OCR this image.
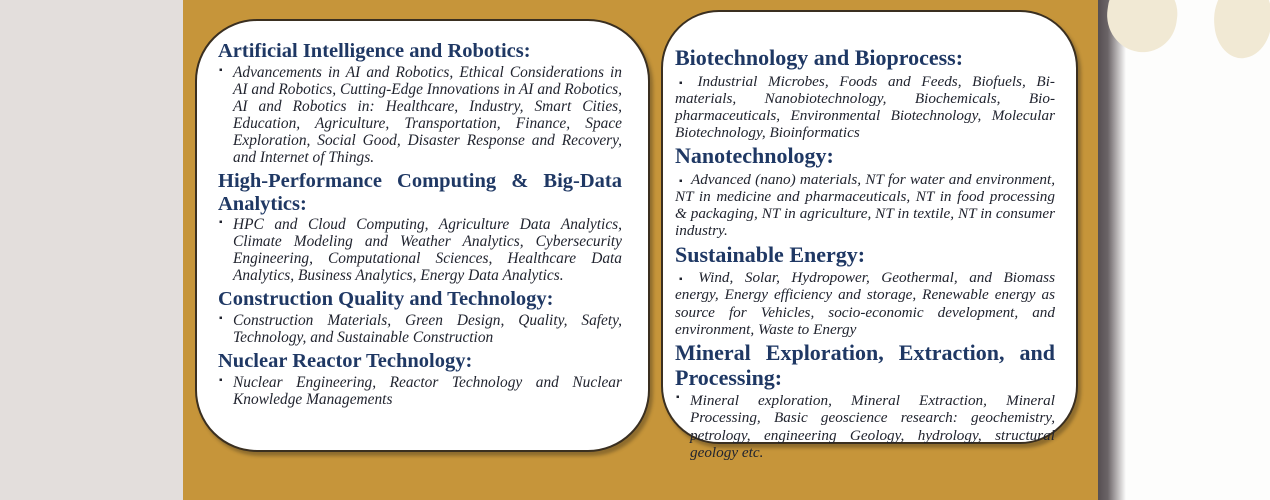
Artificial Intelligence and Robotics:

▪ Advancements in AI and Robotics, Ethical Considerations in AI and Robotics, Cutting-Edge Innovations in AI and Robotics, AI and Robotics in: Healthcare, Industry, Smart Cities, Education, Agriculture, Transportation, Finance, Space Exploration, Social Good, Disaster Response and Recovery, and Internet of Things.

High-Performance Computing & Big-Data Analytics:

▪ HPC and Cloud Computing, Agriculture Data Analytics, Climate Modeling and Weather Analytics, Cybersecurity Engineering, Computational Sciences, Healthcare Data Analytics, Business Analytics, Energy Data Analytics.

Construction Quality and Technology:

▪ Construction Materials, Green Design, Quality, Safety, Technology, and Sustainable Construction

Nuclear Reactor Technology:

▪ Nuclear Engineering, Reactor Technology and Nuclear Knowledge Managements

Biotechnology and Bioprocess:

▪ Industrial Microbes, Foods and Feeds, Biofuels, Bi-materials, Nanobiotechnology, Biochemicals, Bio-pharmaceuticals, Environmental Biotechnology, Molecular Biotechnology, Bioinformatics

Nanotechnology:

▪ Advanced (nano) materials, NT for water and environment, NT in medicine and pharmaceuticals, NT in food processing & packaging, NT in agriculture, NT in textile, NT in consumer industry.

Sustainable Energy:

▪ Wind, Solar, Hydropower, Geothermal, and Biomass energy, Energy efficiency and storage, Renewable energy as source for Vehicles, socio-economic development, and environment, Waste to Energy

Mineral Exploration, Extraction, and Processing:

▪ Mineral exploration, Mineral Extraction, Mineral Processing, Basic geoscience research: geochemistry, petrology, engineering Geology, hydrology, structural geology etc.
